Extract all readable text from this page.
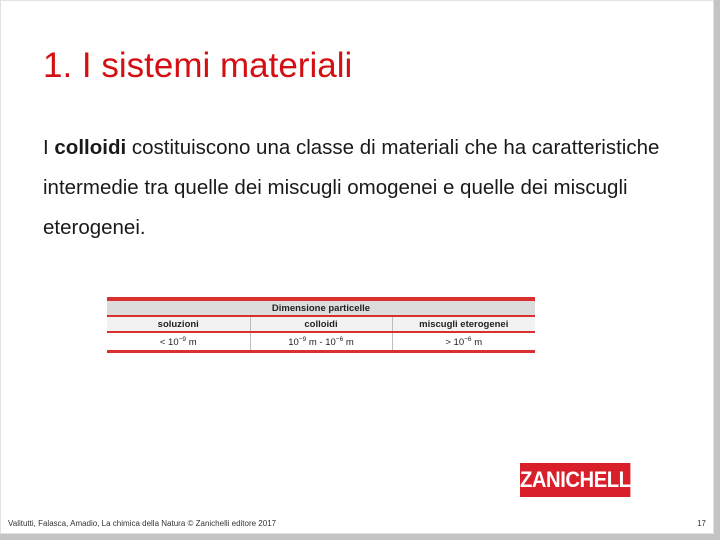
1. I sistemi materiali
I colloidi costituiscono una classe di materiali che ha caratteristiche intermedie tra quelle dei miscugli omogenei e quelle dei miscugli eterogenei.

Dimensione particelle		

soluzioni	colloidi	miscugli eterogenei

< $10^{-9}$ m	$10^{-9}$ m - $10^{-6}$ m	> $10^{-6}$ m

ZANICHELLI
Valitutti, Falasca, Amadio, La chimica della Natura © Zanichelli editore 2017	17
